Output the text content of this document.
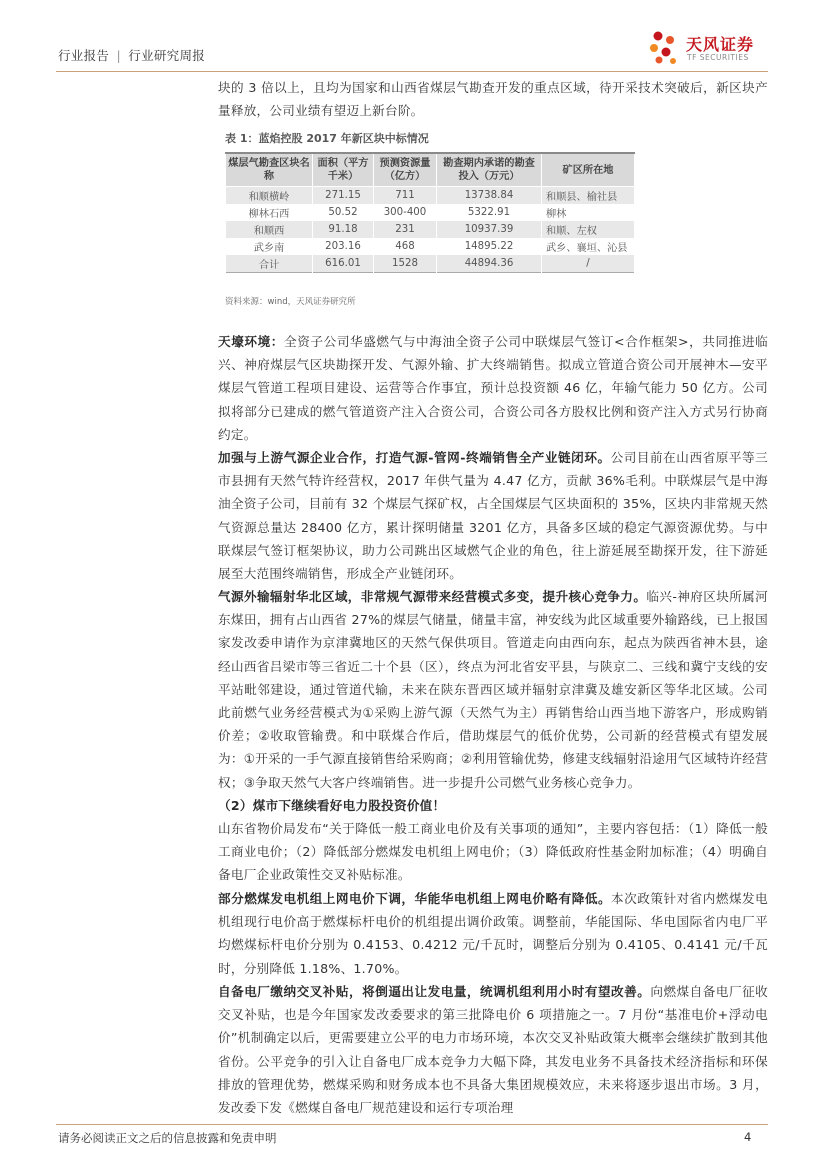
行业报告 | 行业研究周报
天风证券
TF SECURITIES

块的 3 倍以上，且均为国家和山西省煤层气勘查开发的重点区域，待开采技术突破后，新区块产量释放，公司业绩有望迈上新台阶。

表 1：蓝焰控股 2017 年新区块中标情况
煤层气勘查区块名称	面积（平方千米）	预测资源量（亿方）	勘查期内承诺的勘查投入（万元）	矿区所在地
和顺横岭	271.15	711	13738.84	和顺县、榆社县
柳林石西	50.52	300-400	5322.91	柳林
和顺西	91.18	231	10937.39	和顺、左权
武乡南	203.16	468	14895.22	武乡、襄垣、沁县
合计	616.01	1528	44894.36	/
资料来源：wind，天风证券研究所

天壕环境：全资子公司华盛燃气与中海油全资子公司中联煤层气签订<合作框架>，共同推进临兴、神府煤层气区块勘探开发、气源外输、扩大终端销售。拟成立管道合资公司开展神木—安平煤层气管道工程项目建设、运营等合作事宜，预计总投资额 46 亿，年输气能力 50 亿方。公司拟将部分已建成的燃气管道资产注入合资公司，合资公司各方股权比例和资产注入方式另行协商约定。

加强与上游气源企业合作，打造气源-管网-终端销售全产业链闭环。公司目前在山西省原平等三市县拥有天然气特许经营权，2017 年供气量为 4.47 亿方，贡献 36%毛利。中联煤层气是中海油全资子公司，目前有 32 个煤层气探矿权，占全国煤层气区块面积的 35%，区块内非常规天然气资源总量达 28400 亿方，累计探明储量 3201 亿方，具备多区域的稳定气源资源优势。与中联煤层气签订框架协议，助力公司跳出区域燃气企业的角色，往上游延展至勘探开发，往下游延展至大范围终端销售，形成全产业链闭环。

气源外输辐射华北区域，非常规气源带来经营模式多变，提升核心竞争力。临兴-神府区块所属河东煤田，拥有占山西省 27%的煤层气储量，储量丰富，神安线为此区域重要外输路线，已上报国家发改委申请作为京津冀地区的天然气保供项目。管道走向由西向东，起点为陕西省神木县，途经山西省吕梁市等三省近二十个县（区），终点为河北省安平县，与陕京二、三线和冀宁支线的安平站毗邻建设，通过管道代输，未来在陕东晋西区域并辐射京津冀及雄安新区等华北区域。公司此前燃气业务经营模式为①采购上游气源（天然气为主）再销售给山西当地下游客户，形成购销价差；②收取管输费。和中联煤合作后，借助煤层气的低价优势，公司新的经营模式有望发展为：①开采的一手气源直接销售给采购商；②利用管输优势，修建支线辐射沿途用气区域特许经营权；③争取天然气大客户终端销售。进一步提升公司燃气业务核心竞争力。

（2）煤市下继续看好电力股投资价值！

山东省物价局发布“关于降低一般工商业电价及有关事项的通知”，主要内容包括：（1）降低一般工商业电价；（2）降低部分燃煤发电机组上网电价；（3）降低政府性基金附加标准；（4）明确自备电厂企业政策性交叉补贴标准。

部分燃煤发电机组上网电价下调，华能华电机组上网电价略有降低。本次政策针对省内燃煤发电机组现行电价高于燃煤标杆电价的机组提出调价政策。调整前，华能国际、华电国际省内电厂平均燃煤标杆电价分别为 0.4153、0.4212 元/千瓦时，调整后分别为 0.4105、0.4141 元/千瓦时，分别降低 1.18%、1.70%。

自备电厂缴纳交叉补贴，将倒逼出让发电量，统调机组利用小时有望改善。向燃煤自备电厂征收交叉补贴，也是今年国家发改委要求的第三批降电价 6 项措施之一。7 月份“基准电价+浮动电价”机制确定以后，更需要建立公平的电力市场环境，本次交叉补贴政策大概率会继续扩散到其他省份。公平竞争的引入让自备电厂成本竞争力大幅下降，其发电业务不具备技术经济指标和环保排放的管理优势，燃煤采购和财务成本也不具备大集团规模效应，未来将逐步退出市场。3 月，发改委下发《燃煤自备电厂规范建设和运行专项治理

请务必阅读正文之后的信息披露和免责申明	4
